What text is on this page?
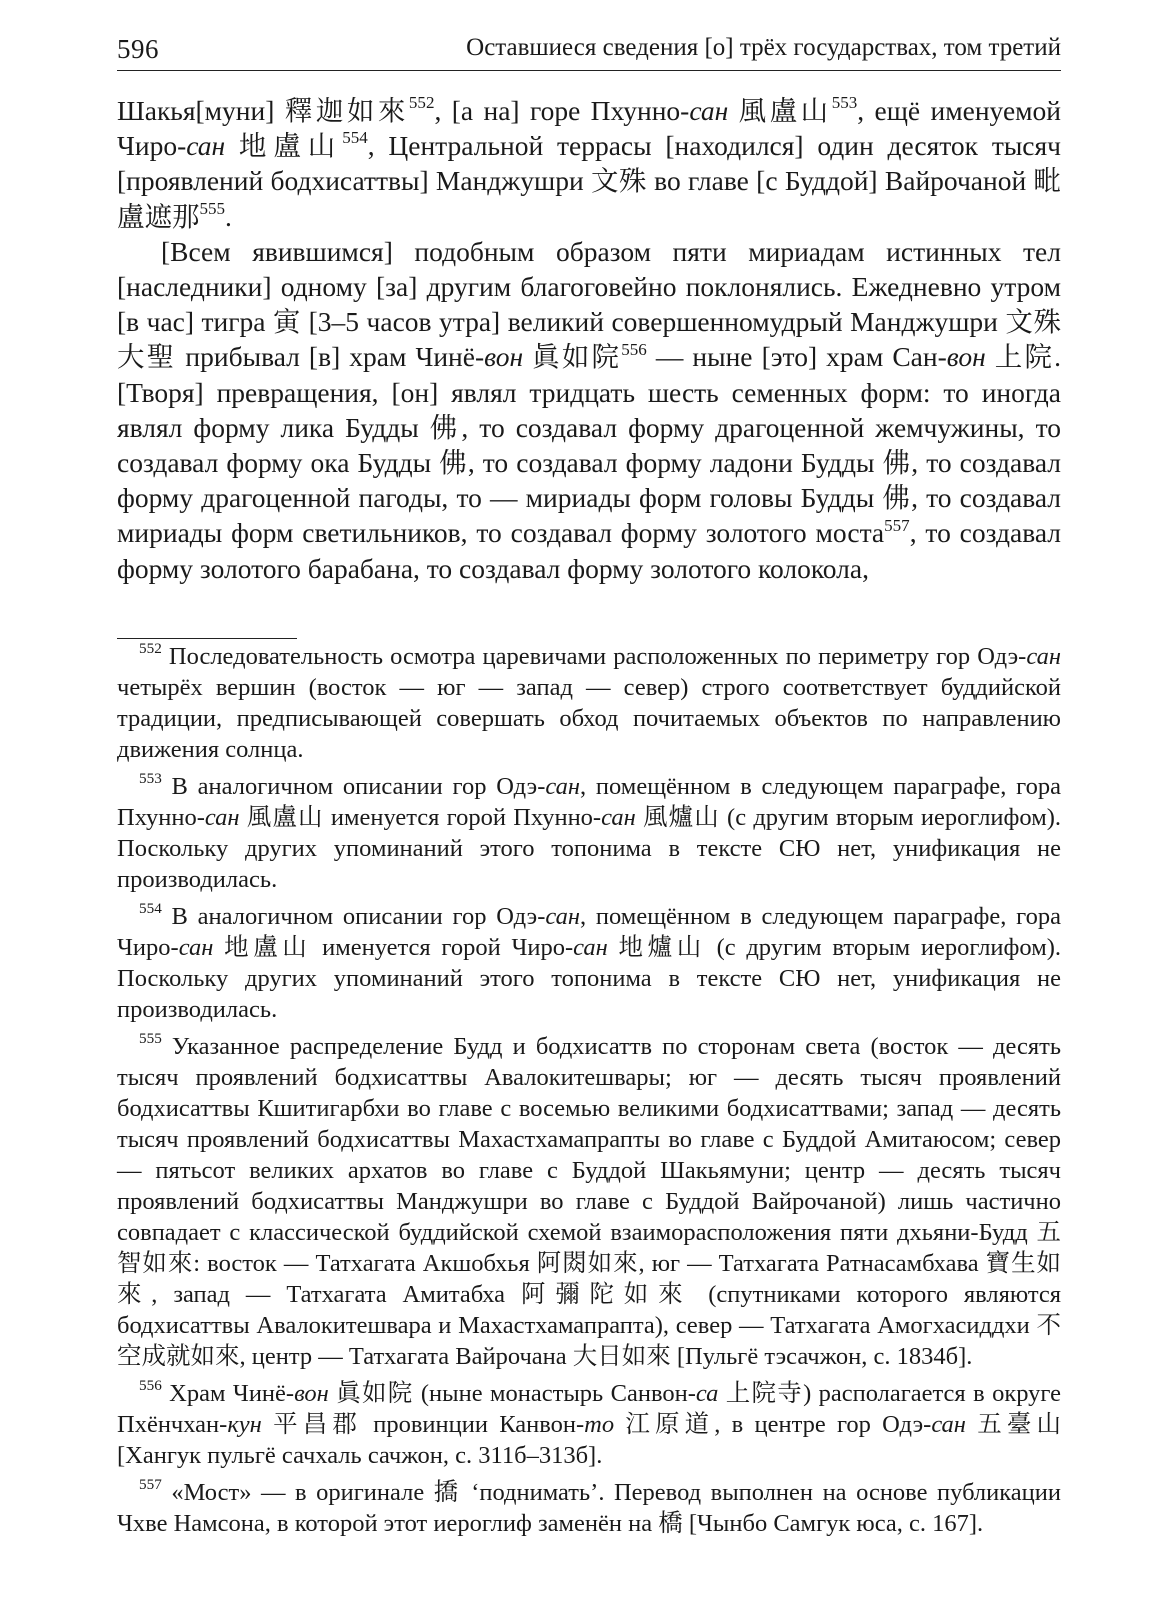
596	Оставшиеся сведения [о] трёх государствах, том третий

Шакья[муни] 釋迦如來$^{552}$, [а на] горе Пхунно-сан 風盧山$^{553}$, ещё именуемой Чиро-сан 地盧山$^{554}$, Центральной террасы [находился] один десяток тысяч [проявлений бодхисаттвы] Манджушри 文殊 во главе [с Буддой] Вайрочаной 毗盧遮那$^{555}$.

[Всем явившимся] подобным образом пяти мириадам истинных тел [наследники] одному [за] другим благоговейно поклонялись. Ежедневно утром [в час] тигра 寅 [3–5 часов утра] великий совершенномудрый Манджушри 文殊大聖 прибывал [в] храм Чинё-вон 眞如院$^{556}$ — ныне [это] храм Сан-вон 上院. [Творя] превращения, [он] являл тридцать шесть семенных форм: то иногда являл форму лика Будды 佛, то создавал форму драгоценной жемчужины, то создавал форму ока Будды 佛, то создавал форму ладони Будды 佛, то создавал форму драгоценной пагоды, то — мириады форм головы Будды 佛, то создавал мириады форм светильников, то создавал форму золотого моста$^{557}$, то создавал форму золотого барабана, то создавал форму золотого колокола,

$^{552}$ Последовательность осмотра царевичами расположенных по периметру гор Одэ-сан четырёх вершин (восток — юг — запад — север) строго соответствует буддийской традиции, предписывающей совершать обход почитаемых объектов по направлению движения солнца.

$^{553}$ В аналогичном описании гор Одэ-сан, помещённом в следующем параграфе, гора Пхунно-сан 風盧山 именуется горой Пхунно-сан 風爐山 (с другим вторым иероглифом). Поскольку других упоминаний этого топонима в тексте СЮ нет, унификация не производилась.

$^{554}$ В аналогичном описании гор Одэ-сан, помещённом в следующем параграфе, гора Чиро-сан 地盧山 именуется горой Чиро-сан 地爐山 (с другим вторым иероглифом). Поскольку других упоминаний этого топонима в тексте СЮ нет, унификация не производилась.

$^{555}$ Указанное распределение Будд и бодхисаттв по сторонам света (восток — десять тысяч проявлений бодхисаттвы Авалокитешвары; юг — десять тысяч проявлений бодхисаттвы Кшитигарбхи во главе с восемью великими бодхисаттвами; запад — десять тысяч проявлений бодхисаттвы Махастхамапрапты во главе с Буддой Амитаюсом; север — пятьсот великих архатов во главе с Буддой Шакьямуни; центр — десять тысяч проявлений бодхисаттвы Манджушри во главе с Буддой Вайрочаной) лишь частично совпадает с классической буддийской схемой взаиморасположения пяти дхьяни-Будд 五智如來: восток — Татхагата Акшобхья 阿閦如來, юг — Татхагата Ратнасамбхава 寶生如來, запад — Татхагата Амитабха 阿彌陀如來 (спутниками которого являются бодхисаттвы Авалокитешвара и Махастхамапрапта), север — Татхагата Амогхасиддхи 不空成就如來, центр — Татхагата Вайрочана 大日如來 [Пульгё тэсачжон, с. 1834б].

$^{556}$ Храм Чинё-вон 眞如院 (ныне монастырь Санвон-са 上院寺) располагается в округе Пхёнчхан-кун 平昌郡 провинции Канвон-то 江原道, в центре гор Одэ-сан 五臺山 [Хангук пульгё сачхаль сачжон, с. 311б–313б].

$^{557}$ «Мост» — в оригинале 撟 ‘поднимать’. Перевод выполнен на основе публикации Чхве Намсона, в которой этот иероглиф заменён на 橋 [Чынбо Самгук юса, с. 167].
